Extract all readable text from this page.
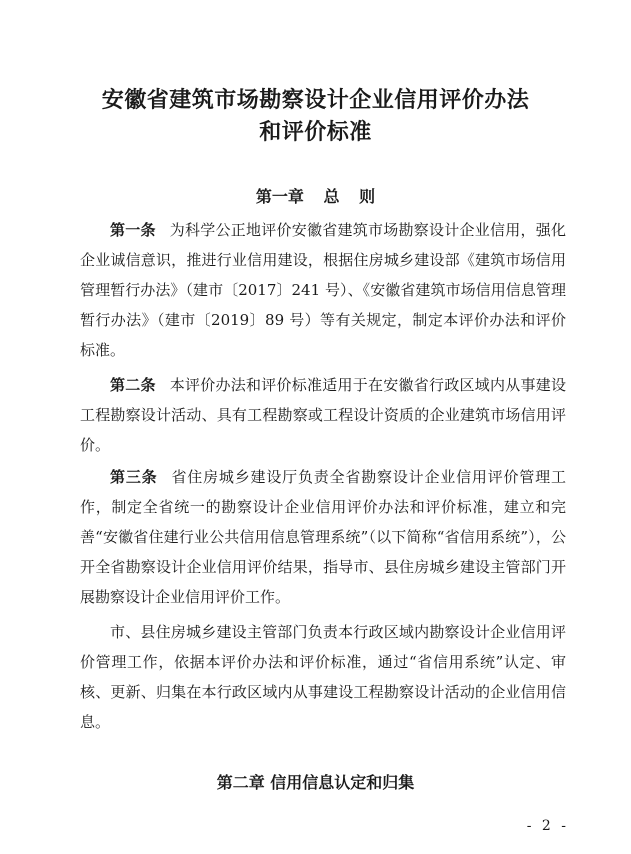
安徽省建筑市场勘察设计企业信用评价办法
和评价标准
第一章 总 则

第一条 为科学公正地评价安徽省建筑市场勘察设计企业信用，强化企业诚信意识，推进行业信用建设，根据住房城乡建设部《建筑市场信用管理暂行办法》（建市〔2017〕241 号）、《安徽省建筑市场信用信息管理暂行办法》（建市〔2019〕89 号）等有关规定，制定本评价办法和评价标准。

第二条 本评价办法和评价标准适用于在安徽省行政区域内从事建设工程勘察设计活动、具有工程勘察或工程设计资质的企业建筑市场信用评价。

第三条 省住房城乡建设厅负责全省勘察设计企业信用评价管理工作，制定全省统一的勘察设计企业信用评价办法和评价标准，建立和完善“安徽省住建行业公共信用信息管理系统”（以下简称“省信用系统”），公开全省勘察设计企业信用评价结果，指导市、县住房城乡建设主管部门开展勘察设计企业信用评价工作。

市、县住房城乡建设主管部门负责本行政区域内勘察设计企业信用评价管理工作，依据本评价办法和评价标准，通过“省信用系统”认定、审核、更新、归集在本行政区域内从事建设工程勘察设计活动的企业信用信息。

第二章 信用信息认定和归集
- 2 -
